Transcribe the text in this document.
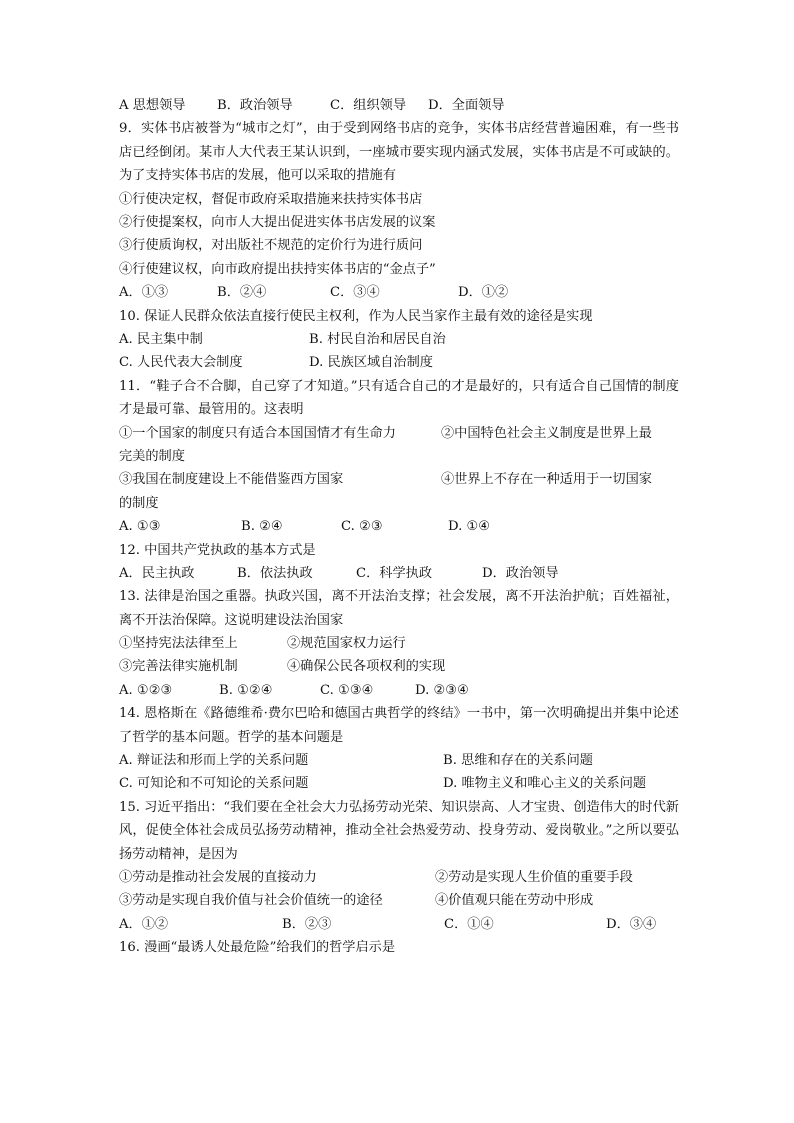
A 思想领导 B．政治领导	C．组织领导 D．全面领导
9．实体书店被誉为“城市之灯”，由于受到网络书店的竞争，实体书店经营普遍困难，有一些书店已经倒闭。某市人大代表王某认识到，一座城市要实现内涵式发展，实体书店是不可或缺的。为了支持实体书店的发展，他可以采取的措施有
①行使决定权，督促市政府采取措施来扶持实体书店
②行使提案权，向市人大提出促进实体书店发展的议案
③行使质询权，对出版社不规范的定价行为进行质问
④行使建议权，向市政府提出扶持实体书店的“金点子”
A．①③	B．②④	C．③④	D．①②
10. 保证人民群众依法直接行使民主权利，作为人民当家作主最有效的途径是实现
A. 民主集中制	B. 村民自治和居民自治
C. 人民代表大会制度	D. 民族区域自治制度
11．“鞋子合不合脚，自己穿了才知道。”只有适合自己的才是最好的，只有适合自己国情的制度才是最可靠、最管用的。这表明
①一个国家的制度只有适合本国国情才有生命力	②中国特色社会主义制度是世界上最
完美的制度
③我国在制度建设上不能借鉴西方国家	④世界上不存在一种适用于一切国家
的制度
A. ①③	B. ②④	C. ②③	D. ①④
12. 中国共产党执政的基本方式是
A．民主执政	B．依法执政	C．科学执政	D．政治领导
13. 法律是治国之重器。执政兴国，离不开法治支撑；社会发展，离不开法治护航；百姓福祉，离不开法治保障。这说明建设法治国家
①坚持宪法法律至上	②规范国家权力运行
③完善法律实施机制	④确保公民各项权利的实现
A. ①②③	B. ①②④	C. ①③④	D. ②③④
14. 恩格斯在《路德维希·费尔巴哈和德国古典哲学的终结》一书中，第一次明确提出并集中论述了哲学的基本问题。哲学的基本问题是
A. 辩证法和形而上学的关系问题	B. 思维和存在的关系问题
C. 可知论和不可知论的关系问题	D. 唯物主义和唯心主义的关系问题
15. 习近平指出：“我们要在全社会大力弘扬劳动光荣、知识崇高、人才宝贵、创造伟大的时代新风，促使全体社会成员弘扬劳动精神，推动全社会热爱劳动、投身劳动、爱岗敬业。”之所以要弘扬劳动精神，是因为
①劳动是推动社会发展的直接动力	②劳动是实现人生价值的重要手段
③劳动是实现自我价值与社会价值统一的途径	④价值观只能在劳动中形成
A．①②	B．②③	C．①④	D．③④
16. 漫画“最诱人处最危险”给我们的哲学启示是
